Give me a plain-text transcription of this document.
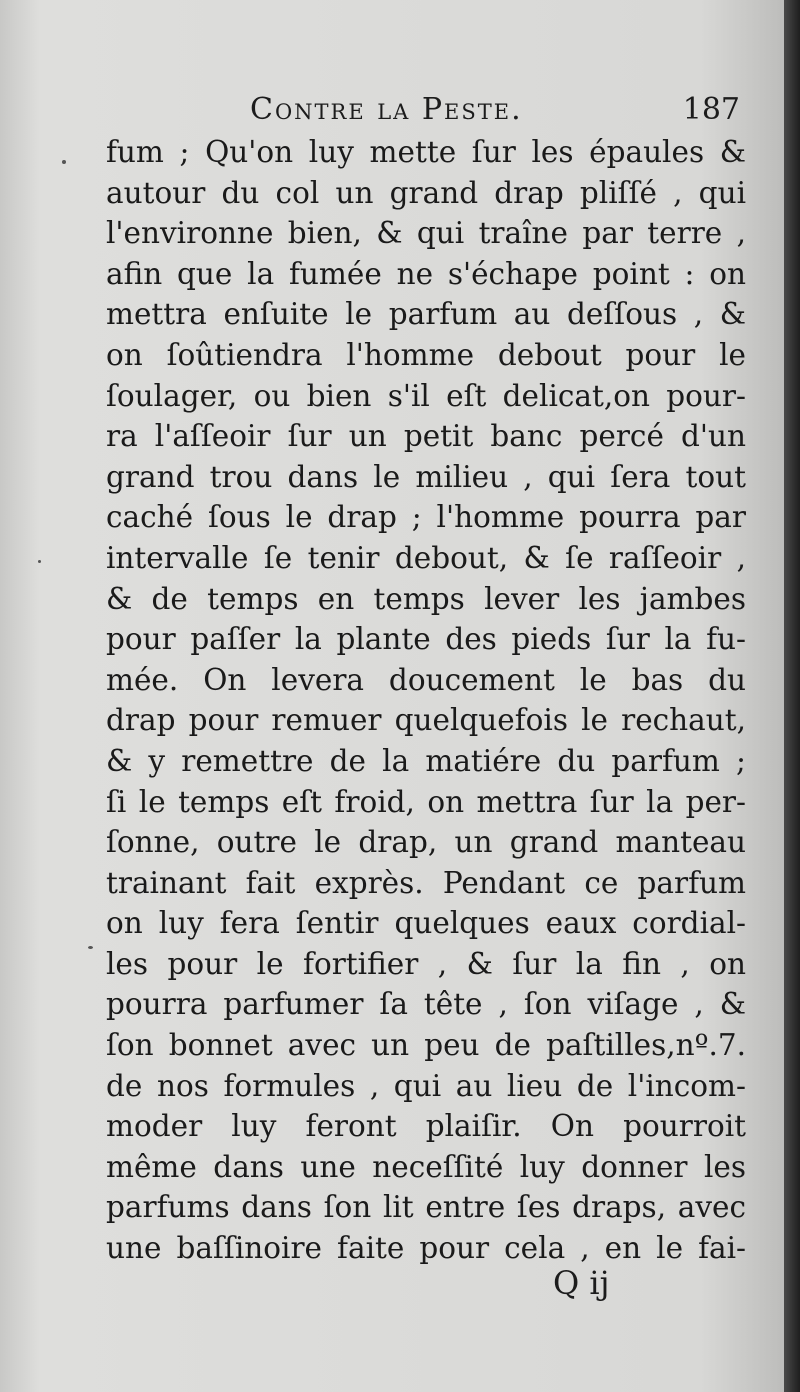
Contre la Peste.	187
fum ; Qu'on luy mette ſur les épaules &
autour du col un grand drap pliſſé , qui
l'environne bien, & qui traîne par terre ,
afin que la fumée ne s'échape point : on
mettra enſuite le parfum au deſſous , &
on ſoûtiendra l'homme debout pour le
ſoulager, ou bien s'il eſt delicat,on pour-
ra l'aſſeoir ſur un petit banc percé d'un
grand trou dans le milieu , qui ſera tout
caché ſous le drap ; l'homme pourra par
intervalle ſe tenir debout, & ſe raſſeoir ,
& de temps en temps lever les jambes
pour paſſer la plante des pieds ſur la fu-
mée. On levera doucement le bas du
drap pour remuer quelquefois le rechaut,
& y remettre de la matiére du parfum ;
ſi le temps eſt froid, on mettra ſur la per-
ſonne, outre le drap, un grand manteau
trainant fait exprès. Pendant ce parfum
on luy fera ſentir quelques eaux cordial-
les pour le fortifier , & ſur la fin , on
pourra parfumer ſa tête , ſon viſage , &
ſon bonnet avec un peu de paſtilles,nº.7.
de nos formules , qui au lieu de l'incom-
moder luy feront plaiſir. On pourroit
même dans une neceſſité luy donner les
parfums dans ſon lit entre ſes draps, avec
une baſſinoire faite pour cela , en le fai-
Q ij
